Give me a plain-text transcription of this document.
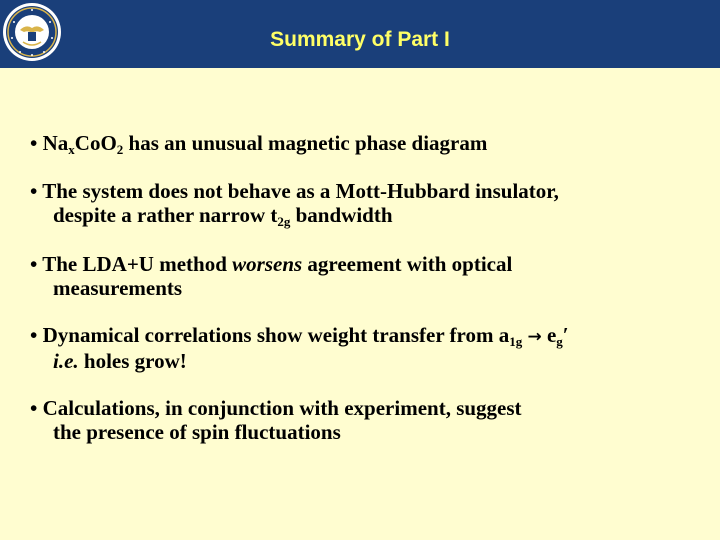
Summary of Part I
• $Na_xCoO_2$ has an unusual magnetic phase diagram
• The system does not behave as a Mott-Hubbard insulator,
despite a rather narrow $t_{2g}$ bandwidth
• The LDA+U method worsens agreement with optical
measurements
• Dynamical correlations show weight transfer from $a_{1g} \to e_g'$
i.e. holes grow!
• Calculations, in conjunction with experiment, suggest
the presence of spin fluctuations
